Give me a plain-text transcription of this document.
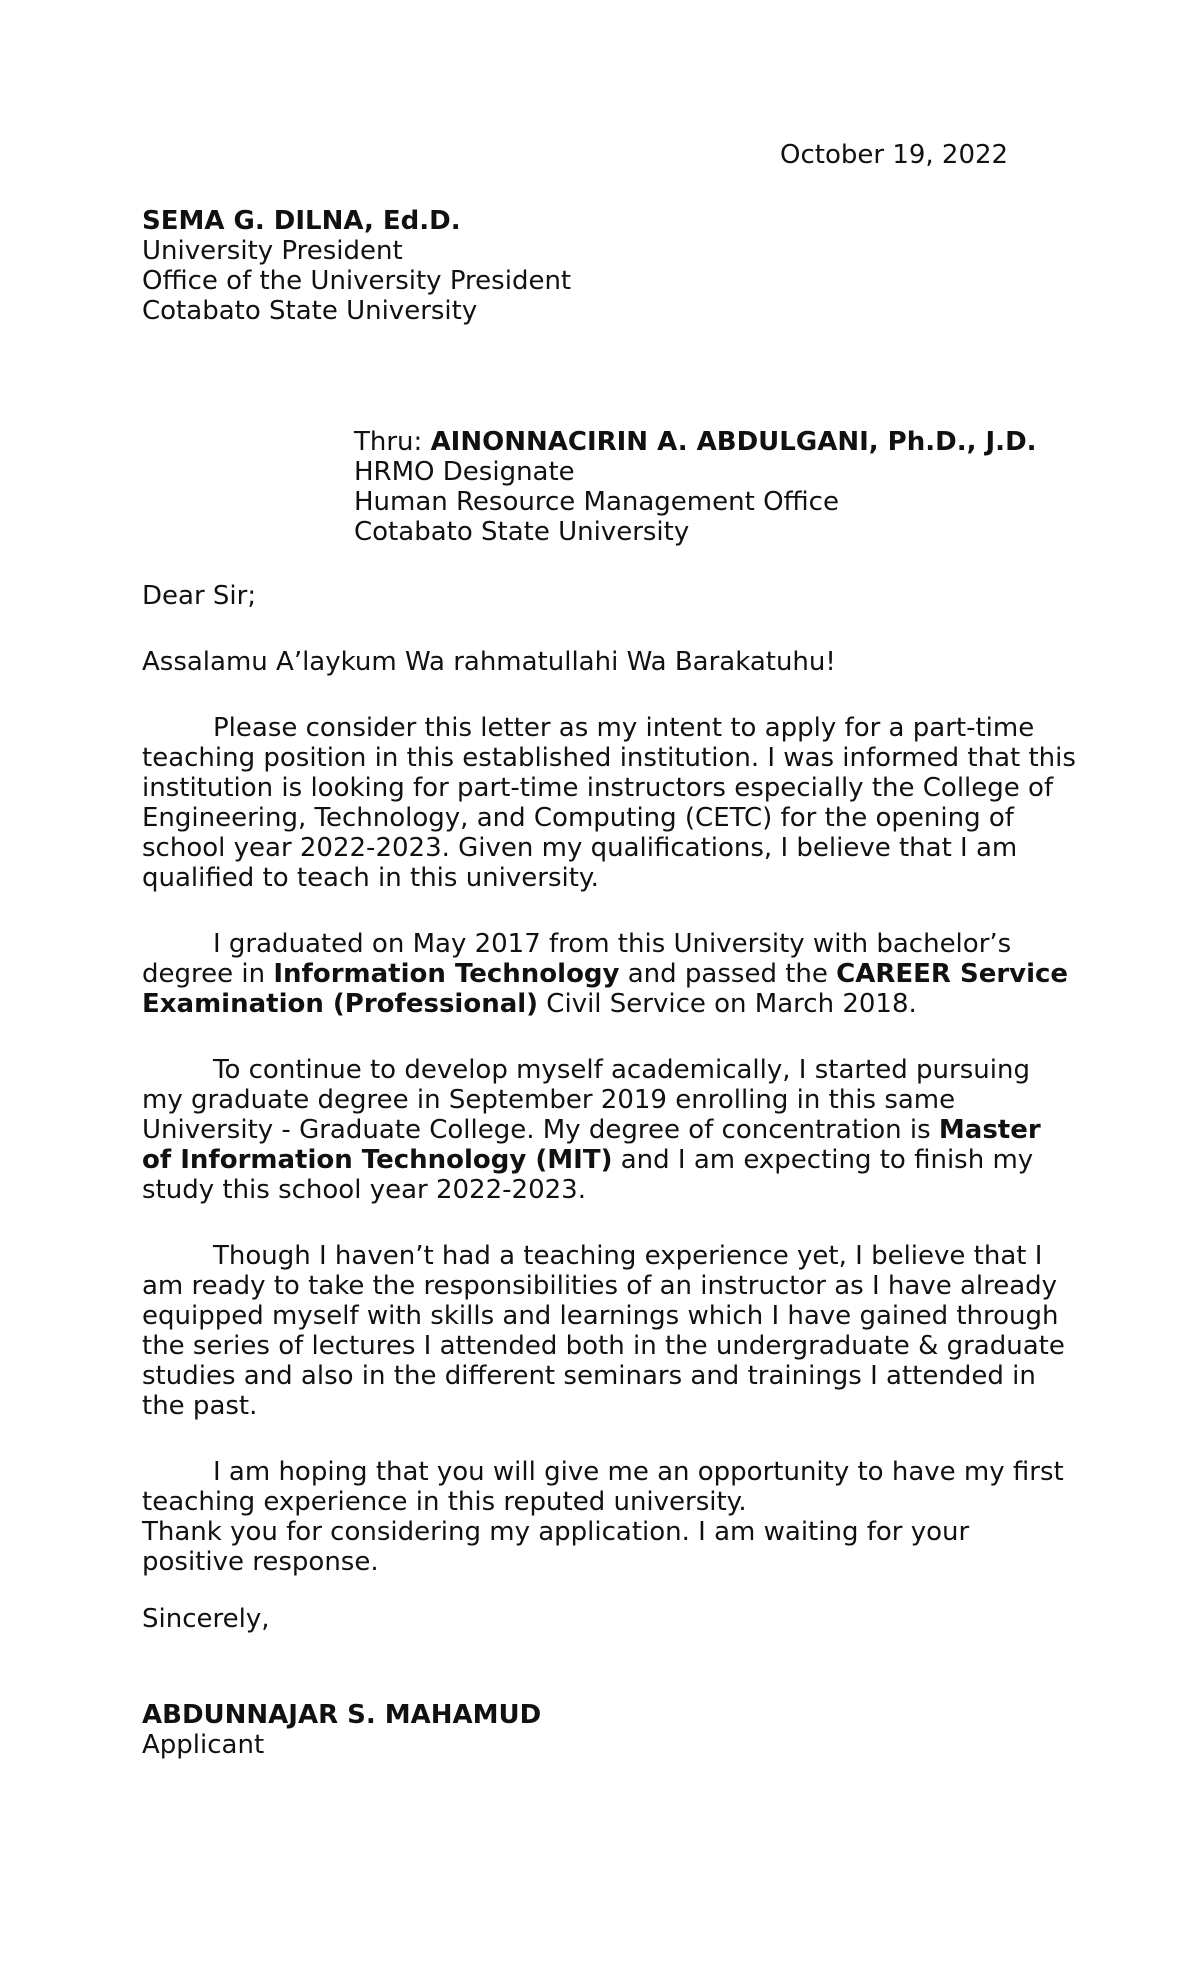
October 19, 2022
SEMA G. DILNA, Ed.D.
University President
Office of the University President
Cotabato State University
Thru: AINONNACIRIN A. ABDULGANI, Ph.D., J.D.
HRMO Designate
Human Resource Management Office
Cotabato State University

Dear Sir;

Assalamu A’laykum Wa rahmatullahi Wa Barakatuhu!

Please consider this letter as my intent to apply for a part-time
teaching position in this established institution. I was informed that this
institution is looking for part-time instructors especially the College of
Engineering, Technology, and Computing (CETC) for the opening of
school year 2022-2023. Given my qualifications, I believe that I am
qualified to teach in this university.

I graduated on May 2017 from this University with bachelor’s
degree in Information Technology and passed the CAREER Service
Examination (Professional) Civil Service on March 2018.

To continue to develop myself academically, I started pursuing
my graduate degree in September 2019 enrolling in this same
University - Graduate College. My degree of concentration is Master
of Information Technology (MIT) and I am expecting to finish my
study this school year 2022-2023.

Though I haven’t had a teaching experience yet, I believe that I
am ready to take the responsibilities of an instructor as I have already
equipped myself with skills and learnings which I have gained through
the series of lectures I attended both in the undergraduate & graduate
studies and also in the different seminars and trainings I attended in
the past.

I am hoping that you will give me an opportunity to have my first
teaching experience in this reputed university.
Thank you for considering my application. I am waiting for your
positive response.

Sincerely,
ABDUNNAJAR S. MAHAMUD
Applicant
